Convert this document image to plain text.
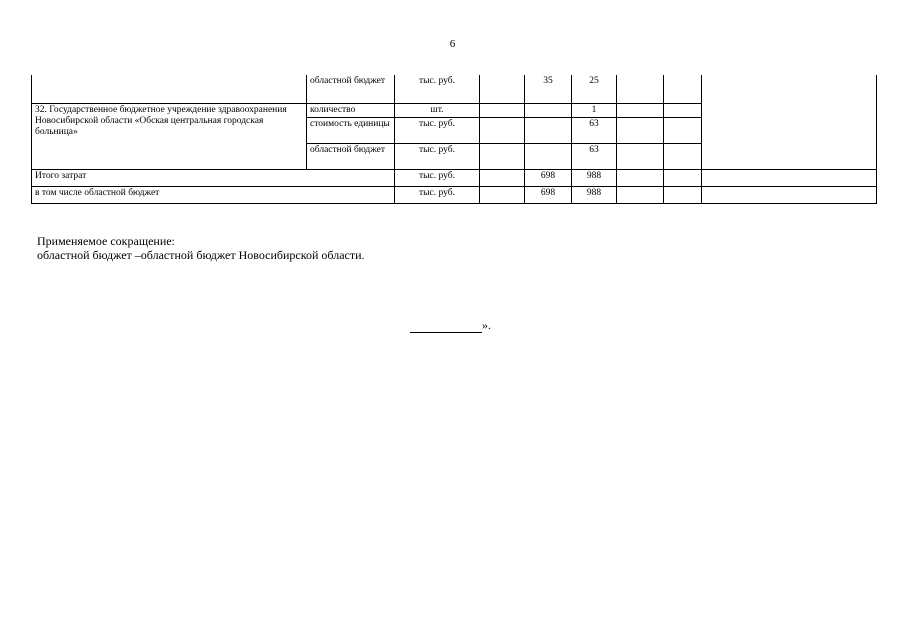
6
	областной бюджет	тыс. руб.		35	25			
32. Государственное бюджетное учреждение здравоохранения Новосибирской области «Обская центральная городская больница»	количество	шт.			1			
	стоимость единицы	тыс. руб.			63			
	областной бюджет	тыс. руб.			63			
Итого затрат		тыс. руб.		698	988			
в том числе областной бюджет		тыс. руб.		698	988			
Применяемое сокращение:
областной бюджет –областной бюджет Новосибирской области.
».
